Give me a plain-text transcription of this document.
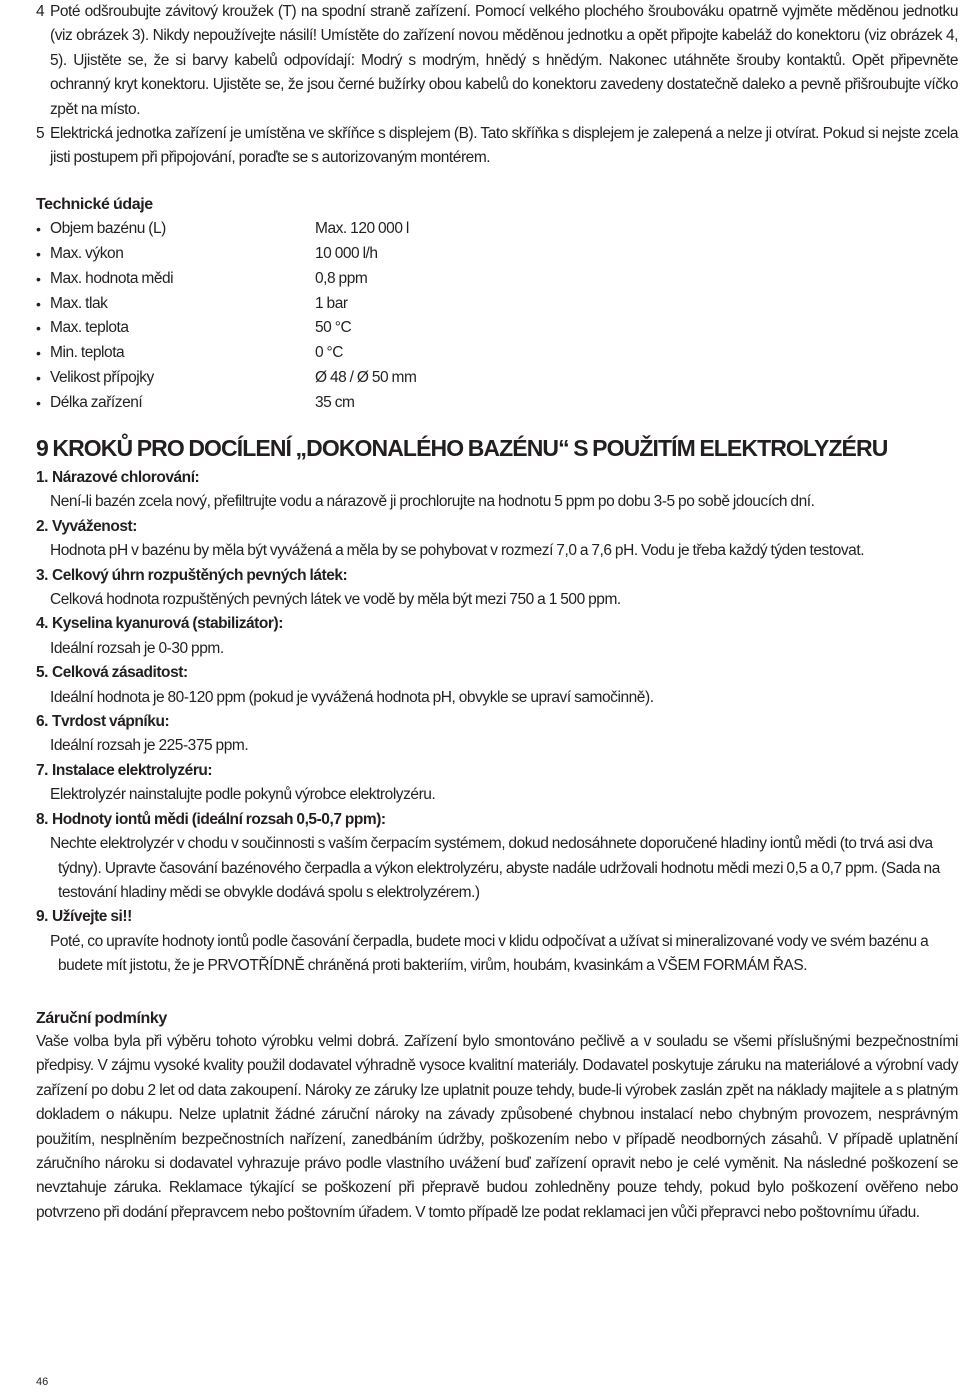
4 Poté odšroubujte závitový kroužek (T) na spodní straně zařízení. Pomocí velkého plochého šroubováku opatrně vyjměte měděnou jednotku (viz obrázek 3). Nikdy nepoužívejte násilí! Umístěte do zařízení novou měděnou jednotku a opět připojte kabeláž do konektoru (viz obrázek 4, 5). Ujistěte se, že si barvy kabelů odpovídají: Modrý s modrým, hnědý s hnědým. Nakonec utáhněte šrouby kontaktů. Opět připevněte ochranný kryt konektoru. Ujistěte se, že jsou černé bužírky obou kabelů do konektoru zavedeny dostatečně daleko a pevně přišroubujte víčko zpět na místo.
5 Elektrická jednotka zařízení je umístěna ve skříňce s displejem (B). Tato skříňka s displejem je zalepená a nelze ji otvírat. Pokud si nejste zcela jisti postupem při připojování, poraďte se s autorizovaným montérem.
Technické údaje
• Objem bazénu (L)	Max. 120 000 l
• Max. výkon	10 000 l/h
• Max. hodnota mědi	0,8 ppm
• Max. tlak	1 bar
• Max. teplota	50 °C
• Min. teplota	0 °C
• Velikost přípojky	Ø 48 / Ø 50 mm
• Délka zařízení	35 cm
9 KROKŮ PRO DOCÍLENÍ „DOKONALÉHO BAZÉNU“ S POUŽITÍM ELEKTROLYZÉRU
1. Nárazové chlorování:
Není-li bazén zcela nový, přefiltrujte vodu a nárazově ji prochlorujte na hodnotu 5 ppm po dobu 3-5 po sobě jdoucích dní.
2. Vyváženost:
Hodnota pH v bazénu by měla být vyvážená a měla by se pohybovat v rozmezí 7,0 a 7,6 pH. Vodu je třeba každý týden testovat.
3. Celkový úhrn rozpuštěných pevných látek:
Celková hodnota rozpuštěných pevných látek ve vodě by měla být mezi 750 a 1 500 ppm.
4. Kyselina kyanurová (stabilizátor):
Ideální rozsah je 0-30 ppm.
5. Celková zásaditost:
Ideální hodnota je 80-120 ppm (pokud je vyvážená hodnota pH, obvykle se upraví samočinně).
6. Tvrdost vápníku:
Ideální rozsah je 225-375 ppm.
7. Instalace elektrolyzéru:
Elektrolyzér nainstalujte podle pokynů výrobce elektrolyzéru.
8. Hodnoty iontů mědi (ideální rozsah 0,5-0,7 ppm):
Nechte elektrolyzér v chodu v součinnosti s vaším čerpacím systémem, dokud nedosáhnete doporučené hladiny iontů mědi (to trvá asi dva týdny). Upravte časování bazénového čerpadla a výkon elektrolyzéru, abyste nadále udržovali hodnotu mědi mezi 0,5 a 0,7 ppm. (Sada na testování hladiny mědi se obvykle dodává spolu s elektrolyzérem.)
9. Užívejte si!!
Poté, co upravíte hodnoty iontů podle časování čerpadla, budete moci v klidu odpočívat a užívat si mineralizované vody ve svém bazénu a budete mít jistotu, že je PRVOTŘÍDNĚ chráněná proti bakteriím, virům, houbám, kvasinkám a VŠEM FORMÁM ŘAS.
Záruční podmínky
Vaše volba byla při výběru tohoto výrobku velmi dobrá. Zařízení bylo smontováno pečlivě a v souladu se všemi příslušnými bezpečnostními předpisy. V zájmu vysoké kvality použil dodavatel výhradně vysoce kvalitní materiály. Dodavatel poskytuje záruku na materiálové a výrobní vady zařízení po dobu 2 let od data zakoupení. Nároky ze záruky lze uplatnit pouze tehdy, bude-li výrobek zaslán zpět na náklady majitele a s platným dokladem o nákupu. Nelze uplatnit žádné záruční nároky na závady způsobené chybnou instalací nebo chybným provozem, nesprávným použitím, nesplněním bezpečnostních nařízení, zanedbáním údržby, poškozením nebo v případě neodborných zásahů. V případě uplatnění záručního nároku si dodavatel vyhrazuje právo podle vlastního uvážení buď zařízení opravit nebo je celé vyměnit. Na následné poškození se nevztahuje záruka. Reklamace týkající se poškození při přepravě budou zohledněny pouze tehdy, pokud bylo poškození ověřeno nebo potvrzeno při dodání přepravcem nebo poštovním úřadem. V tomto případě lze podat reklamaci jen vůči přepravci nebo poštovnímu úřadu.
46
